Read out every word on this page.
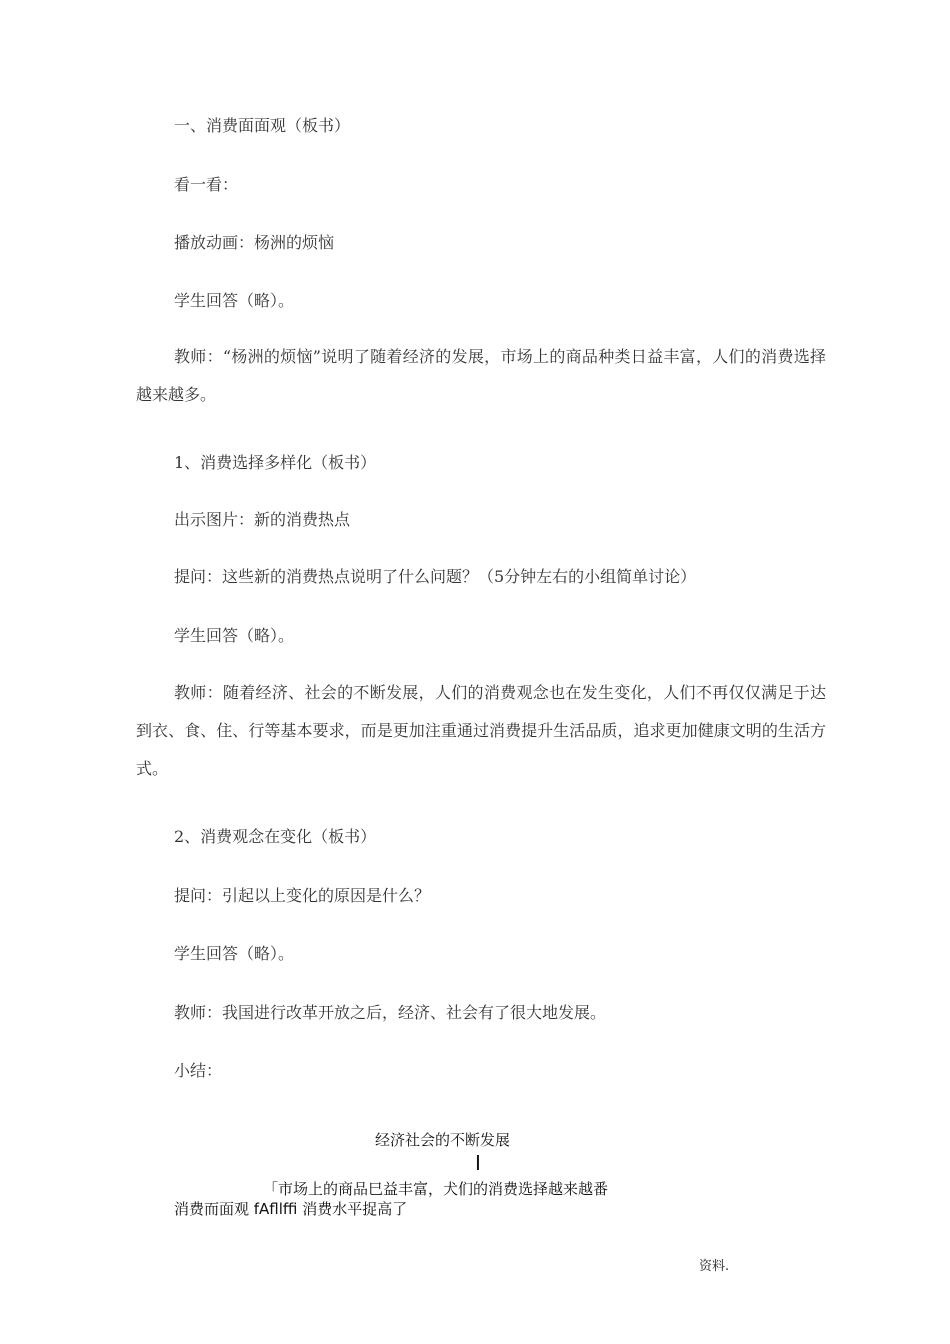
一、消费面面观（板书）

看一看：

播放动画：杨洲的烦恼

学生回答（略）。

教师：“杨洲的烦恼”说明了随着经济的发展，市场上的商品种类日益丰富，人们的消费选择越来越多。

1、消费选择多样化（板书）

出示图片：新的消费热点

提问：这些新的消费热点说明了什么问题？（5分钟左右的小组简单讨论）

学生回答（略）。

教师：随着经济、社会的不断发展，人们的消费观念也在发生变化，人们不再仅仅满足于达到衣、食、住、行等基本要求，而是更加注重通过消费提升生活品质，追求更加健康文明的生活方式。

2、消费观念在变化（板书）

提问：引起以上变化的原因是什么？

学生回答（略）。

教师：我国进行改革开放之后，经济、社会有了很大地发展。

小结：

经济社会的不断发展
I
「市场上的商品巳益丰富，犬们的消费选择越来越番
消费而面观 fAfllffi 消费水平捉高了
资料.
